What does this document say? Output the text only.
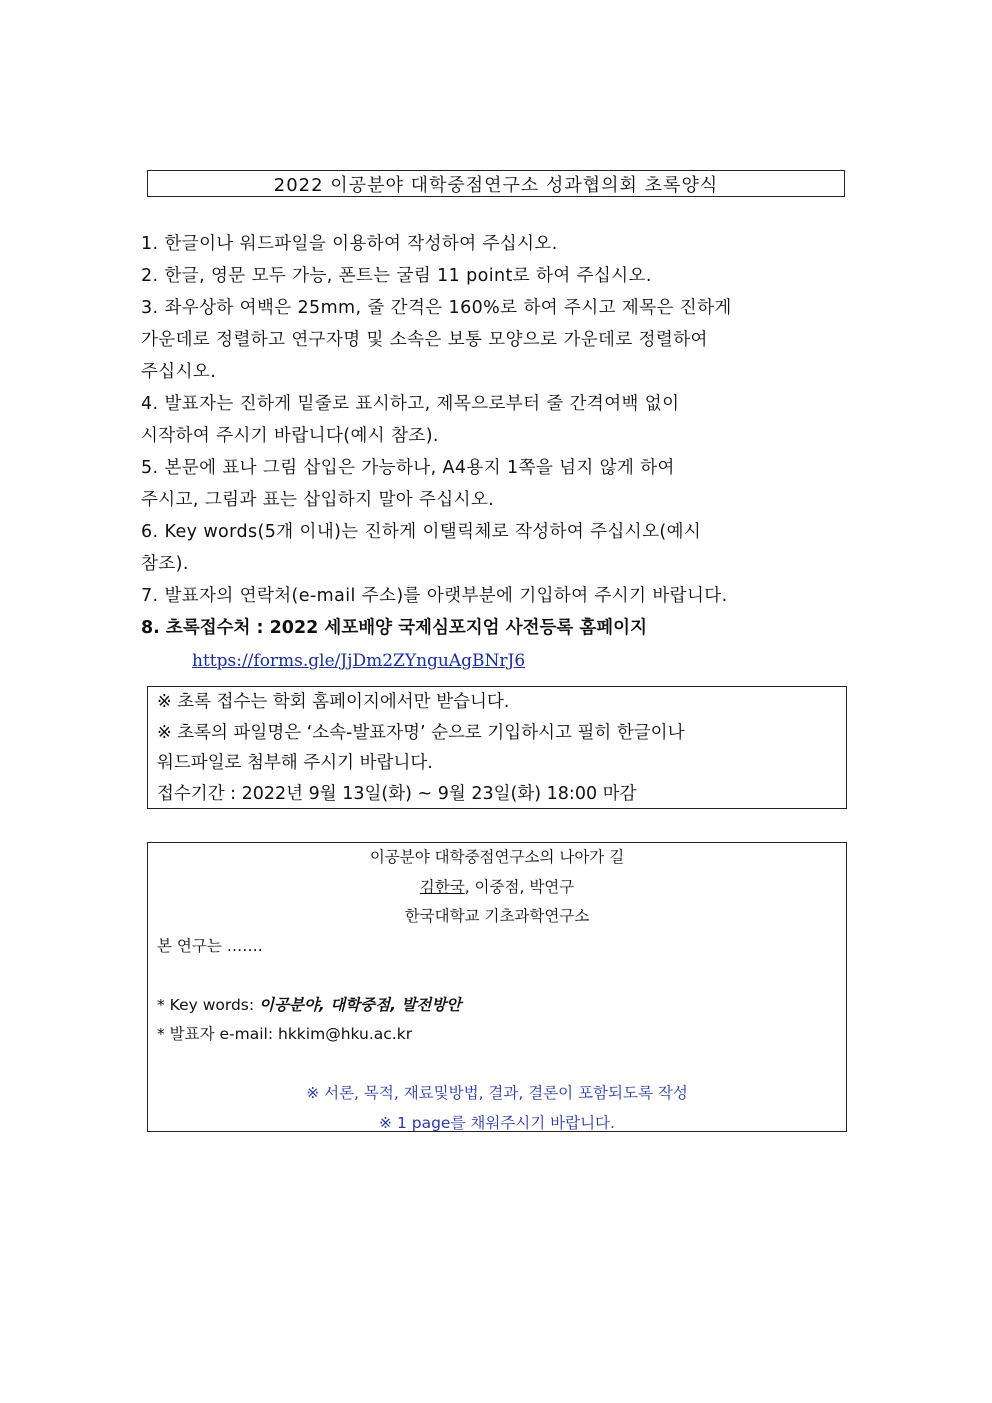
2022 이공분야 대학중점연구소 성과협의회 초록양식
1. 한글이나 워드파일을 이용하여 작성하여 주십시오.
2. 한글, 영문 모두 가능, 폰트는 굴림 11 point로 하여 주십시오.
3. 좌우상하 여백은 25mm, 줄 간격은 160%로 하여 주시고 제목은 진하게
가운데로 정렬하고 연구자명 및 소속은 보통 모양으로 가운데로 정렬하여
주십시오.
4. 발표자는 진하게 밑줄로 표시하고, 제목으로부터 줄 간격여백 없이
시작하여 주시기 바랍니다(예시 참조).
5. 본문에 표나 그림 삽입은 가능하나, A4용지 1쪽을 넘지 않게 하여
주시고, 그림과 표는 삽입하지 말아 주십시오.
6. Key words(5개 이내)는 진하게 이탤릭체로 작성하여 주십시오(예시
참조).
7. 발표자의 연락처(e-mail 주소)를 아랫부분에 기입하여 주시기 바랍니다.
8. 초록접수처 : 2022 세포배양 국제심포지엄 사전등록 홈페이지
https://forms.gle/JjDm2ZYnguAgBNrJ6
※ 초록 접수는 학회 홈페이지에서만 받습니다.
※ 초록의 파일명은 ‘소속-발표자명’ 순으로 기입하시고 필히 한글이나
워드파일로 첨부해 주시기 바랍니다.
접수기간 : 2022년 9월 13일(화) ~ 9월 23일(화) 18:00 마감
이공분야 대학중점연구소의 나아가 길
김한국, 이중점, 박연구
한국대학교 기초과학연구소
본 연구는 …….
* Key words: 이공분야, 대학중점, 발전방안
* 발표자 e-mail: hkkim@hku.ac.kr
※ 서론, 목적, 재료및방법, 결과, 결론이 포함되도록 작성
※ 1 page를 채워주시기 바랍니다.
